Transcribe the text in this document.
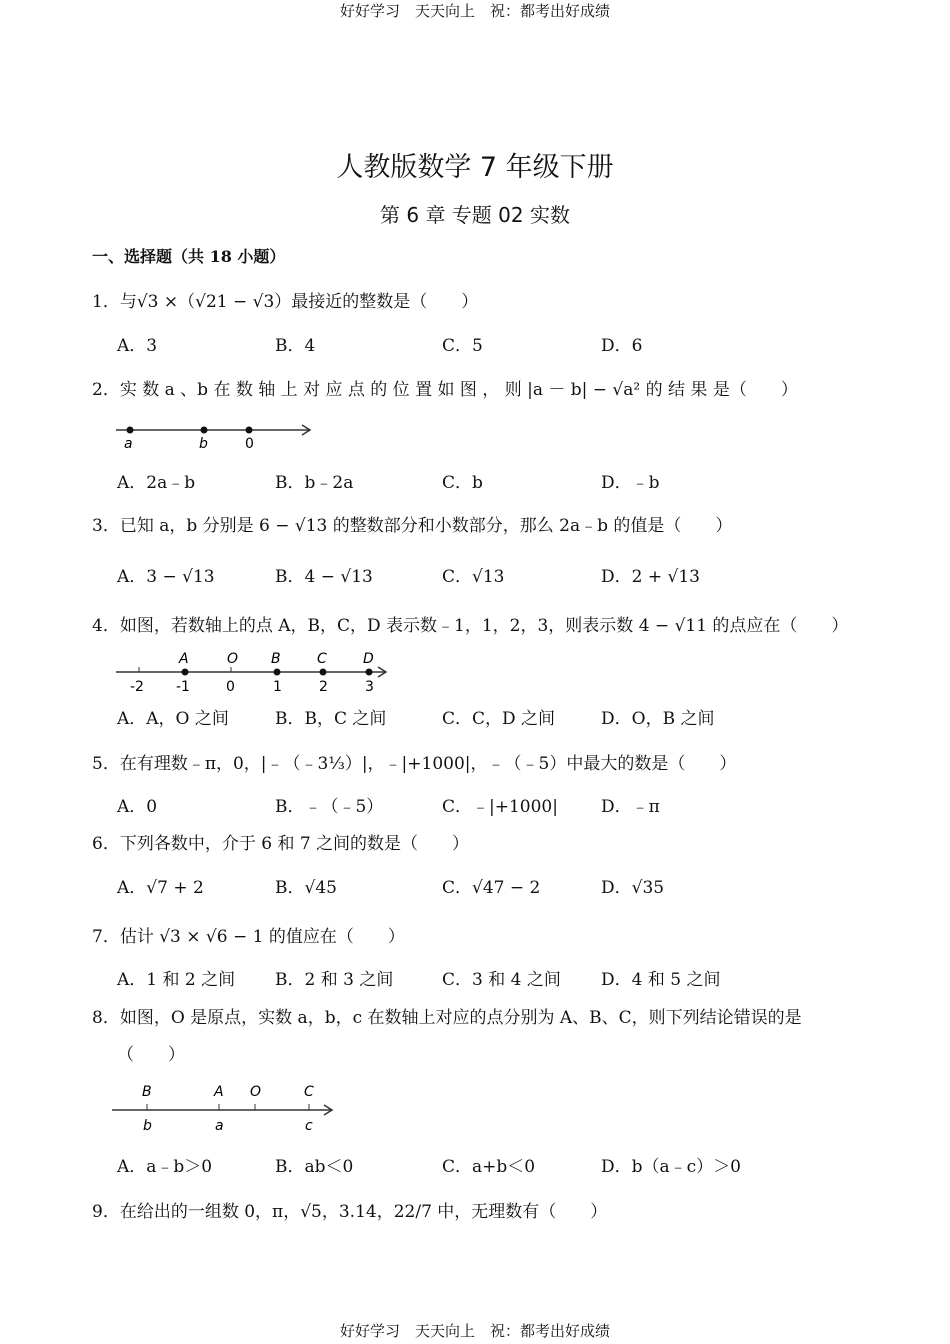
好好学习　天天向上　祝：都考出好成绩
人教版数学 7 年级下册
第 6 章 专题 02 实数
一、选择题（共 18 小题）
1．与√3 ×（√21 − √3）最接近的整数是（　　）
A．3	B．4	C．5	D．6
2．实 数 a 、b 在 数 轴 上 对 应 点 的 位 置 如 图 ， 则 |a － b| − √a² 的 结 果 是（　　）
a	b	0
A．2a﹣b	B．b﹣2a	C．b	D．﹣b
3．已知 a，b 分别是 6 − √13 的整数部分和小数部分，那么 2a﹣b 的值是（　　）
A．3 − √13	B．4 − √13	C．√13	D．2 + √13
4．如图，若数轴上的点 A，B，C，D 表示数﹣1，1，2，3，则表示数 4 − √11 的点应在（　　）
A	O B	C	D
-2 -1	0	1	2	3
A．A，O 之间	B．B，C 之间	C．C，D 之间	D．O，B 之间
5．在有理数﹣π，0，|﹣（﹣3⅓）|，﹣|+1000|，﹣（﹣5）中最大的数是（　　）
A．0	B．﹣（﹣5）	C．﹣|+1000|	D．﹣π
6．下列各数中，介于 6 和 7 之间的数是（　　）
A．√7 + 2	B．√45	C．√47 − 2	D．√35
7．估计 √3 × √6 − 1 的值应在（　　）
A．1 和 2 之间 B．2 和 3 之间	C．3 和 4 之间 D．4 和 5 之间
8．如图，O 是原点，实数 a，b，c 在数轴上对应的点分别为 A、B、C，则下列结论错误的是
（　　）
B	A O	C
b	a	c
A．a﹣b＞0	B．ab＜0	C．a+b＜0	D．b（a﹣c）＞0
9．在给出的一组数 0，π，√5，3.14，22/7 中，无理数有（　　）
好好学习　天天向上　祝：都考出好成绩
